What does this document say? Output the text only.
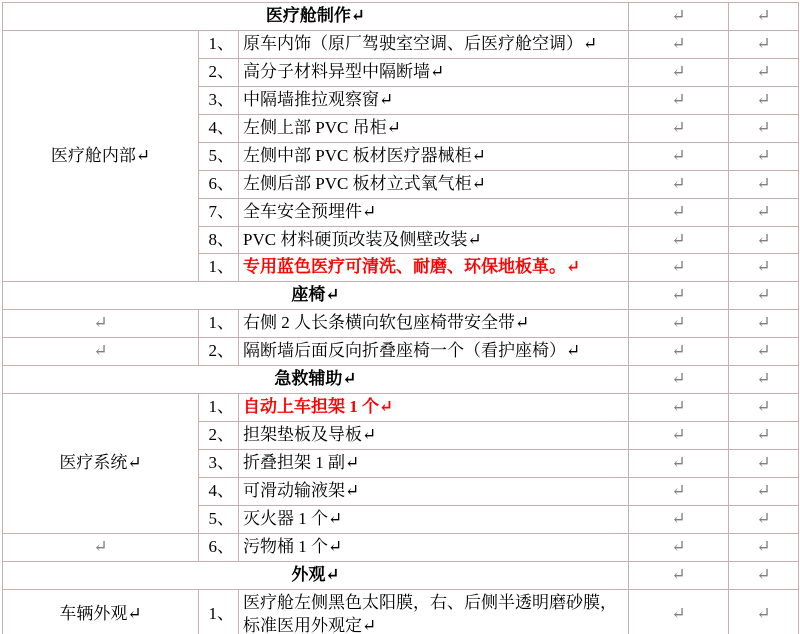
医疗舱制作↵			↵	↵
医疗舱内部↵	1、	原车内饰（原厂驾驶室空调、后医疗舱空调）↵	↵	↵
	2、	高分子材料异型中隔断墙↵	↵	↵
	3、	中隔墙推拉观察窗↵	↵	↵
	4、	左侧上部 PVC 吊柜↵	↵	↵
	5、	左侧中部 PVC 板材医疗器械柜↵	↵	↵
	6、	左侧后部 PVC 板材立式氧气柜↵	↵	↵
	7、	全车安全预埋件↵	↵	↵
	8、	PVC 材料硬顶改装及侧壁改装↵	↵	↵
	1、	专用蓝色医疗可清洗、耐磨、环保地板革。↵	↵	↵
座椅↵			↵	↵
↵	1、	右侧 2 人长条横向软包座椅带安全带↵	↵	↵
↵	2、	隔断墙后面反向折叠座椅一个（看护座椅）↵	↵	↵
急救辅助↵			↵	↵
医疗系统↵	1、	自动上车担架 1 个↵	↵	↵
	2、	担架垫板及导板↵	↵	↵
	3、	折叠担架 1 副↵	↵	↵
	4、	可滑动输液架↵	↵	↵
	5、	灭火器 1 个↵	↵	↵
↵	6、	污物桶 1 个↵	↵	↵
外观↵			↵	↵
车辆外观↵	1、	医疗舱左侧黑色太阳膜，右、后侧半透明磨砂膜，标准医用外观定↵	↵	↵
